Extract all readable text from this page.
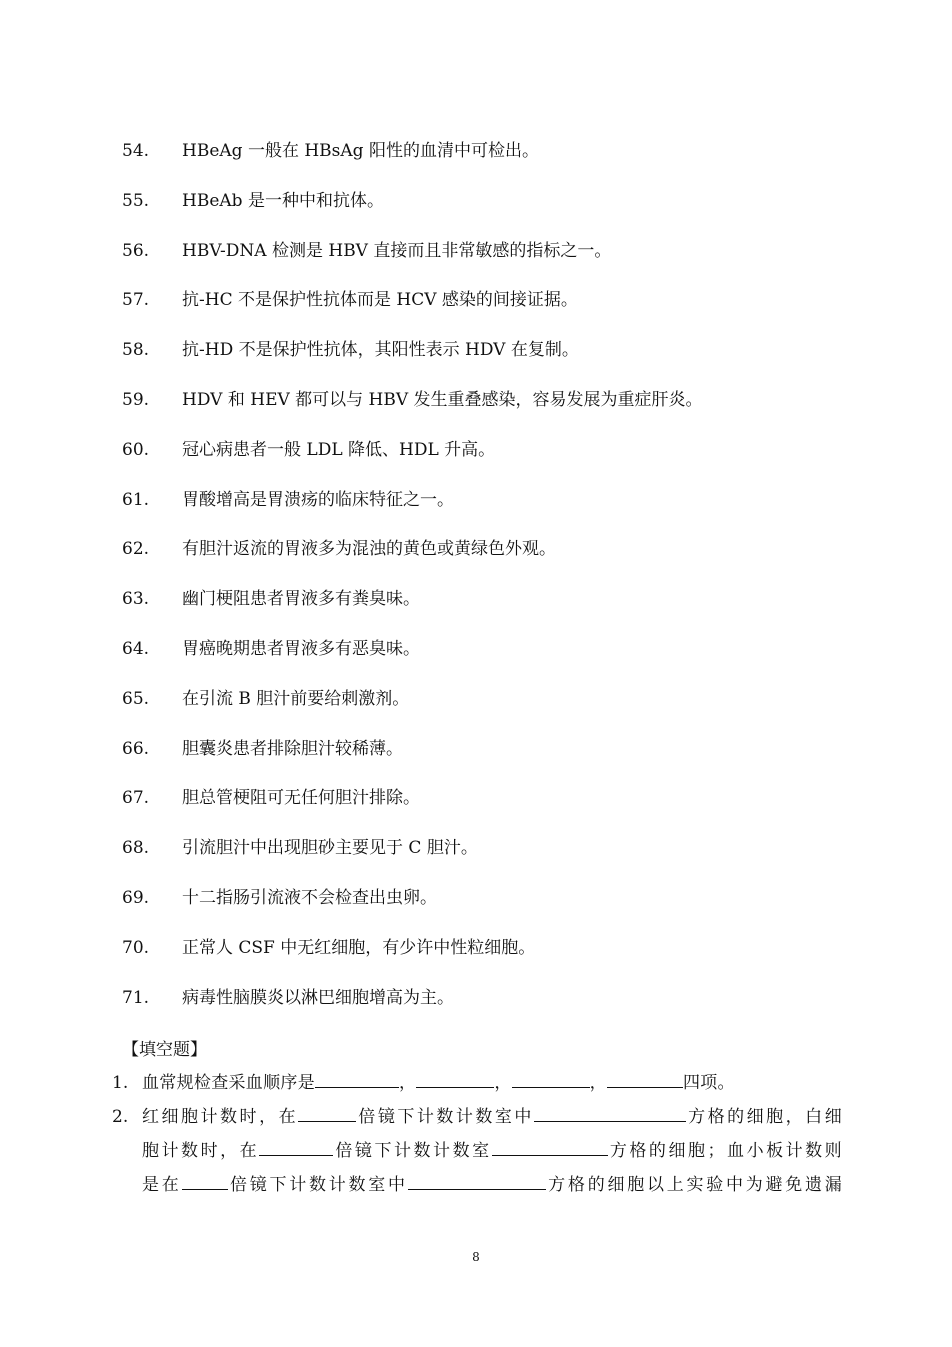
54.	HBeAg 一般在 HBsAg 阳性的血清中可检出。
55.	HBeAb 是一种中和抗体。
56.	HBV-DNA 检测是 HBV 直接而且非常敏感的指标之一。
57.	抗-HC 不是保护性抗体而是 HCV 感染的间接证据。
58.	抗-HD 不是保护性抗体，其阳性表示 HDV 在复制。
59.	HDV 和 HEV 都可以与 HBV 发生重叠感染，容易发展为重症肝炎。
60.	冠心病患者一般 LDL 降低、HDL 升高。
61.	胃酸增高是胃溃疡的临床特征之一。
62.	有胆汁返流的胃液多为混浊的黄色或黄绿色外观。
63.	幽门梗阻患者胃液多有粪臭味。
64.	胃癌晚期患者胃液多有恶臭味。
65.	在引流 B 胆汁前要给刺激剂。
66.	胆囊炎患者排除胆汁较稀薄。
67.	胆总管梗阻可无任何胆汁排除。
68.	引流胆汁中出现胆砂主要见于 C 胆汁。
69.	十二指肠引流液不会检查出虫卵。
70.	正常人 CSF 中无红细胞，有少许中性粒细胞。
71.	病毒性脑膜炎以淋巴细胞增高为主。
【填空题】
1. 血常规检查采血顺序是	，	，	，	四项。
2. 红细胞计数时，在	倍镜下计数计数室中	方格的细胞，白细
胞计数时，在	倍镜下计数计数室	方格的细胞；血小板计数则
是在	倍镜下计数计数室中	方格的细胞以上实验中为避免遗漏
8
